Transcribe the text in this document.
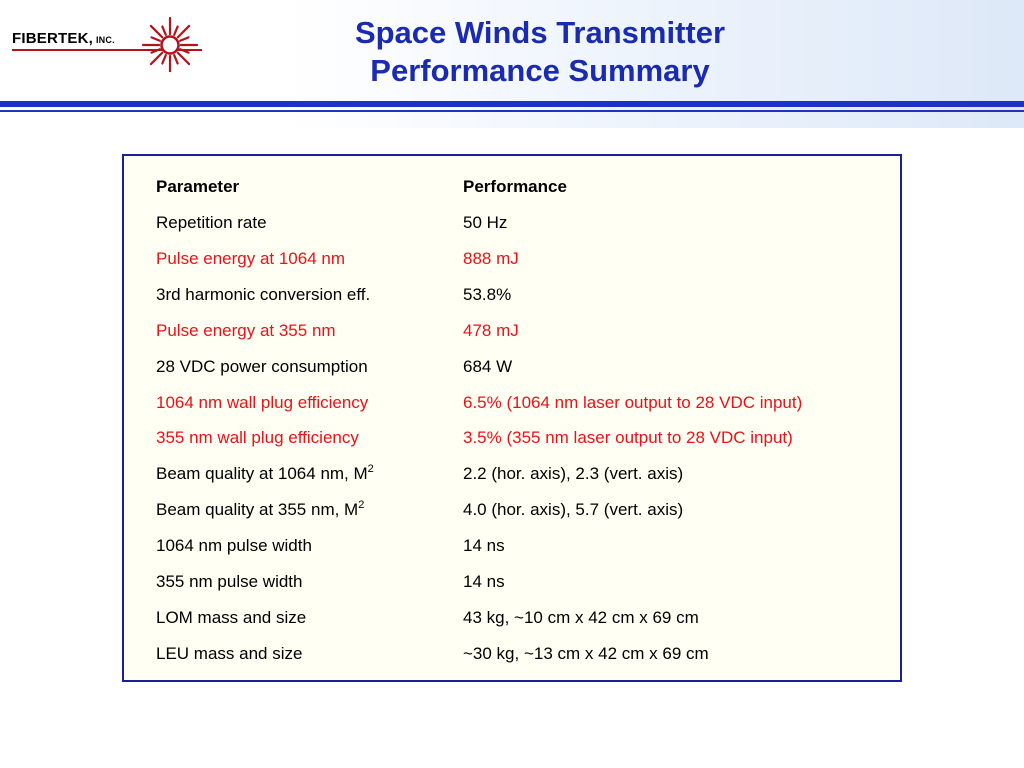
FIBERTEK, INC.	Space Winds Transmitter
Performance Summary
Parameter	Performance
Repetition rate	50 Hz
Pulse energy at 1064 nm	888 mJ
3rd harmonic conversion eff.	53.8%
Pulse energy at 355 nm	478 mJ
28 VDC power consumption	684 W
1064 nm wall plug efficiency	6.5% (1064 nm laser output to 28 VDC input)
355 nm wall plug efficiency	3.5% (355 nm laser output to 28 VDC input)
Beam quality at 1064 nm, $M^2$	2.2 (hor. axis), 2.3 (vert. axis)
Beam quality at 355 nm, $M^2$	4.0 (hor. axis), 5.7 (vert. axis)
1064 nm pulse width	14 ns
355 nm pulse width	14 ns
LOM mass and size	43 kg, ~10 cm x 42 cm x 69 cm
LEU mass and size	~30 kg, ~13 cm x 42 cm x 69 cm
